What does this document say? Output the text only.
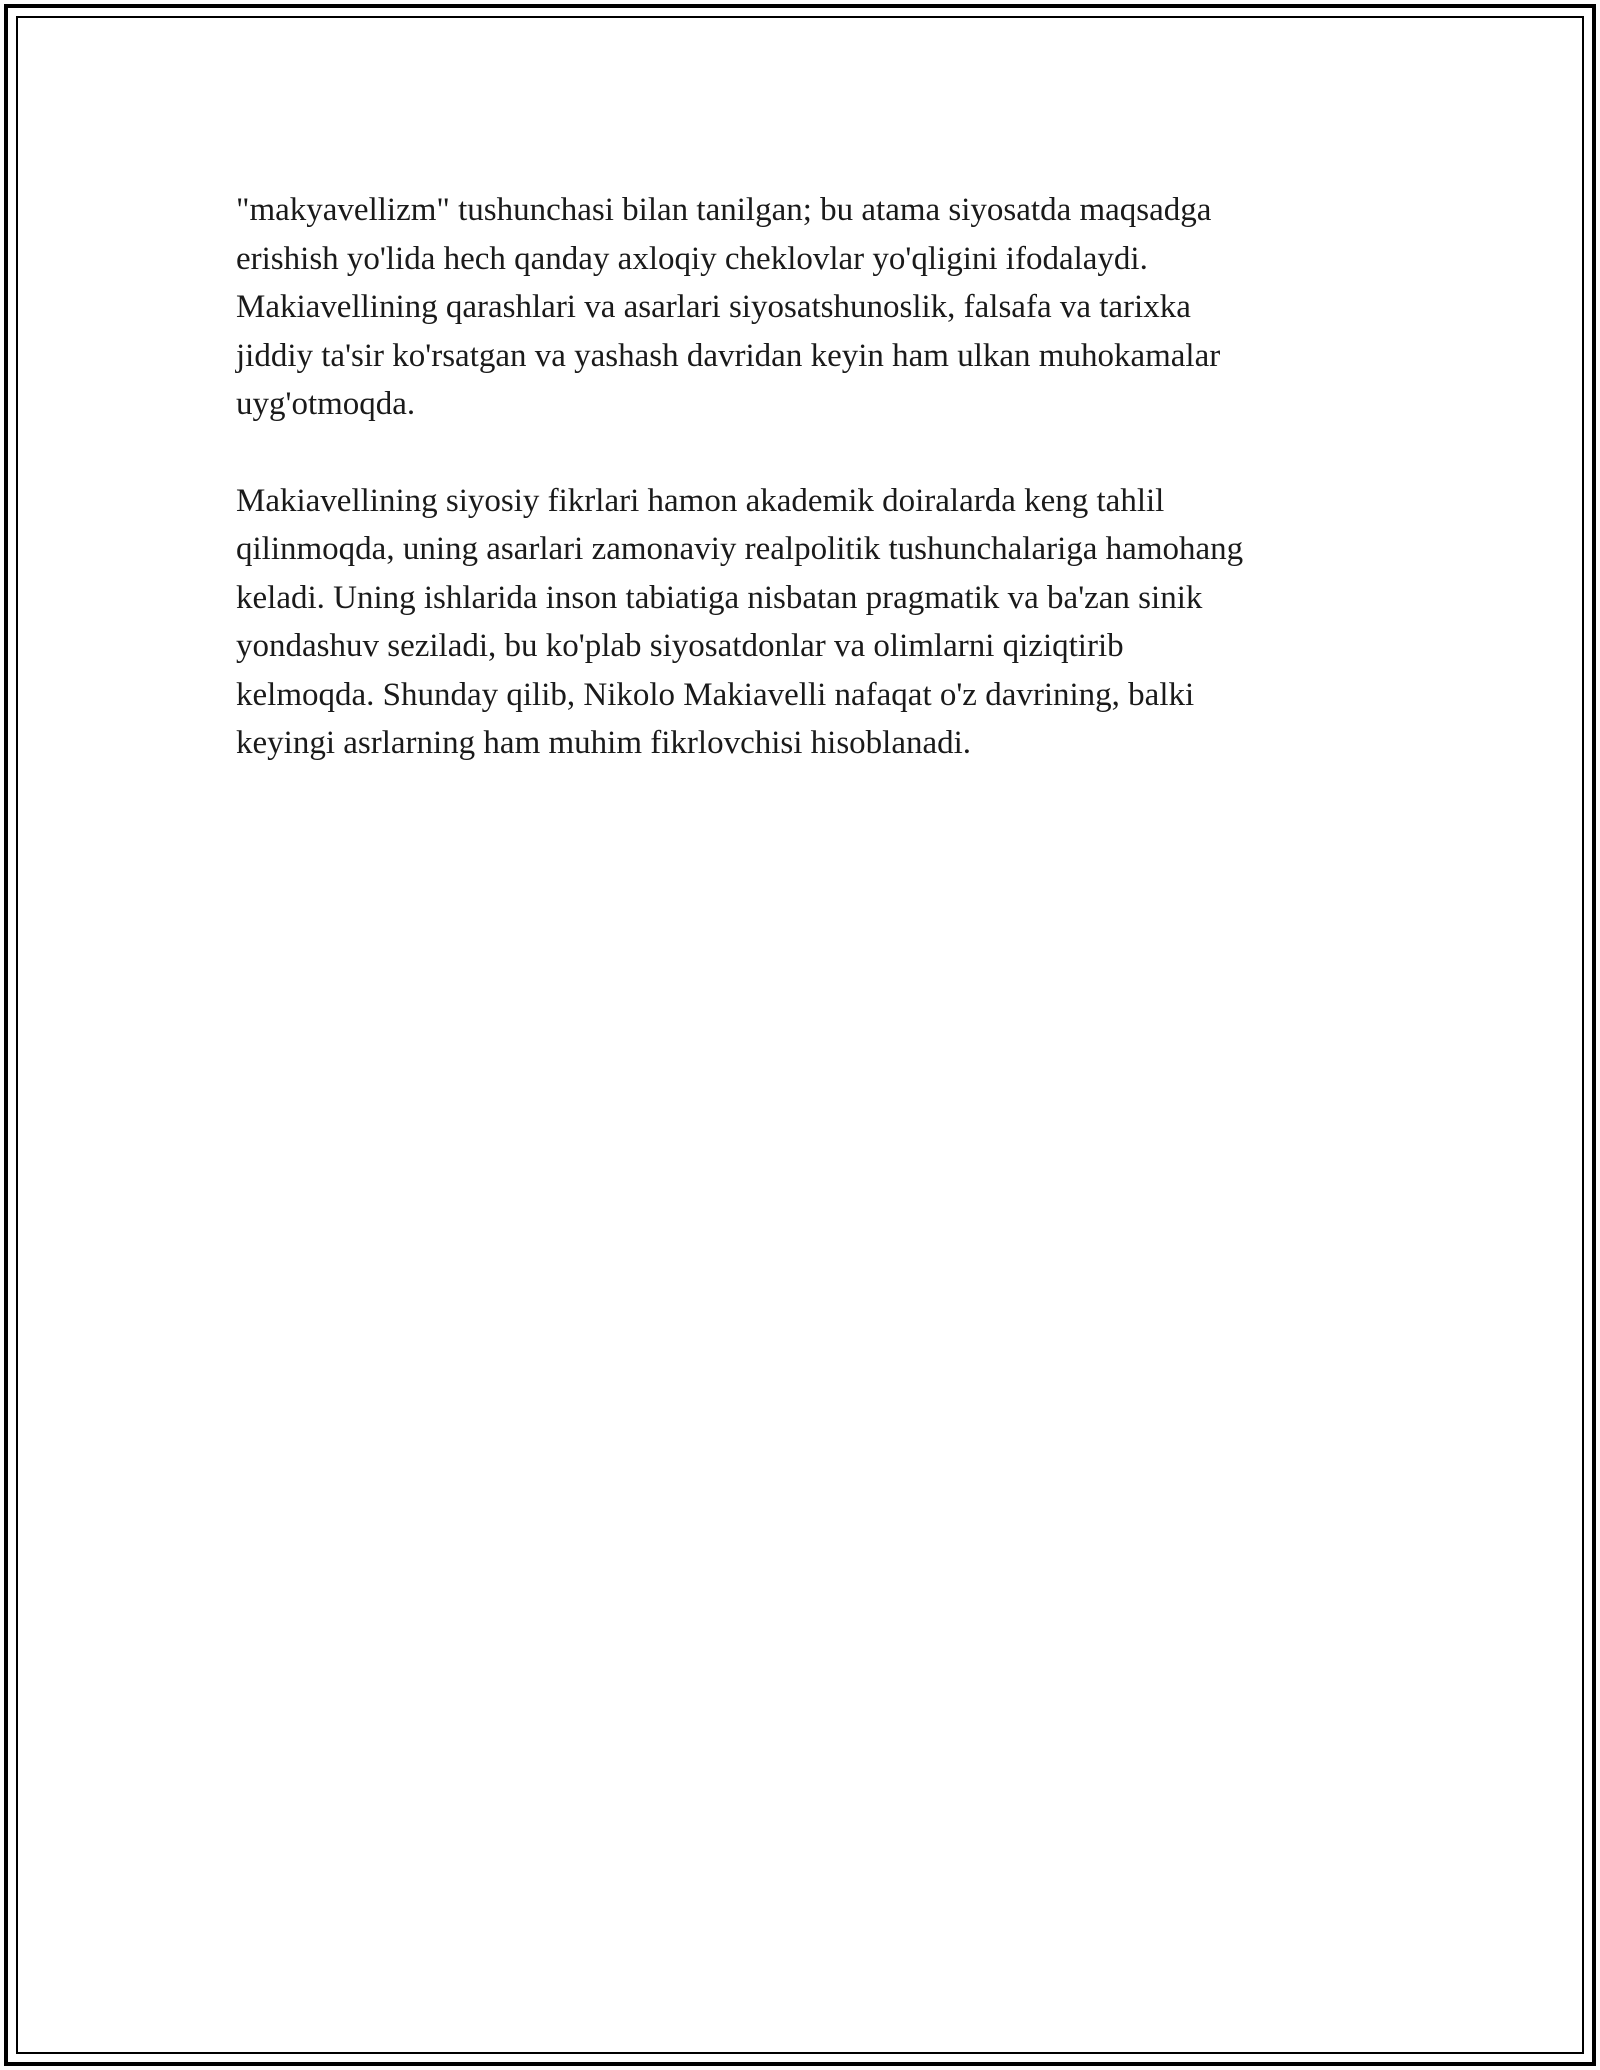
"makyavellizm" tushunchasi bilan tanilgan; bu atama siyosatda maqsadga
erishish yo'lida hech qanday axloqiy cheklovlar yo'qligini ifodalaydi.
Makiavellining qarashlari va asarlari siyosatshunoslik, falsafa va tarixka
jiddiy ta'sir ko'rsatgan va yashash davridan keyin ham ulkan muhokamalar
uyg'otmoqda.

Makiavellining siyosiy fikrlari hamon akademik doiralarda keng tahlil
qilinmoqda, uning asarlari zamonaviy realpolitik tushunchalariga hamohang
keladi. Uning ishlarida inson tabiatiga nisbatan pragmatik va ba'zan sinik
yondashuv seziladi, bu ko'plab siyosatdonlar va olimlarni qiziqtirib
kelmoqda. Shunday qilib, Nikolo Makiavelli nafaqat o'z davrining, balki
keyingi asrlarning ham muhim fikrlovchisi hisoblanadi.
